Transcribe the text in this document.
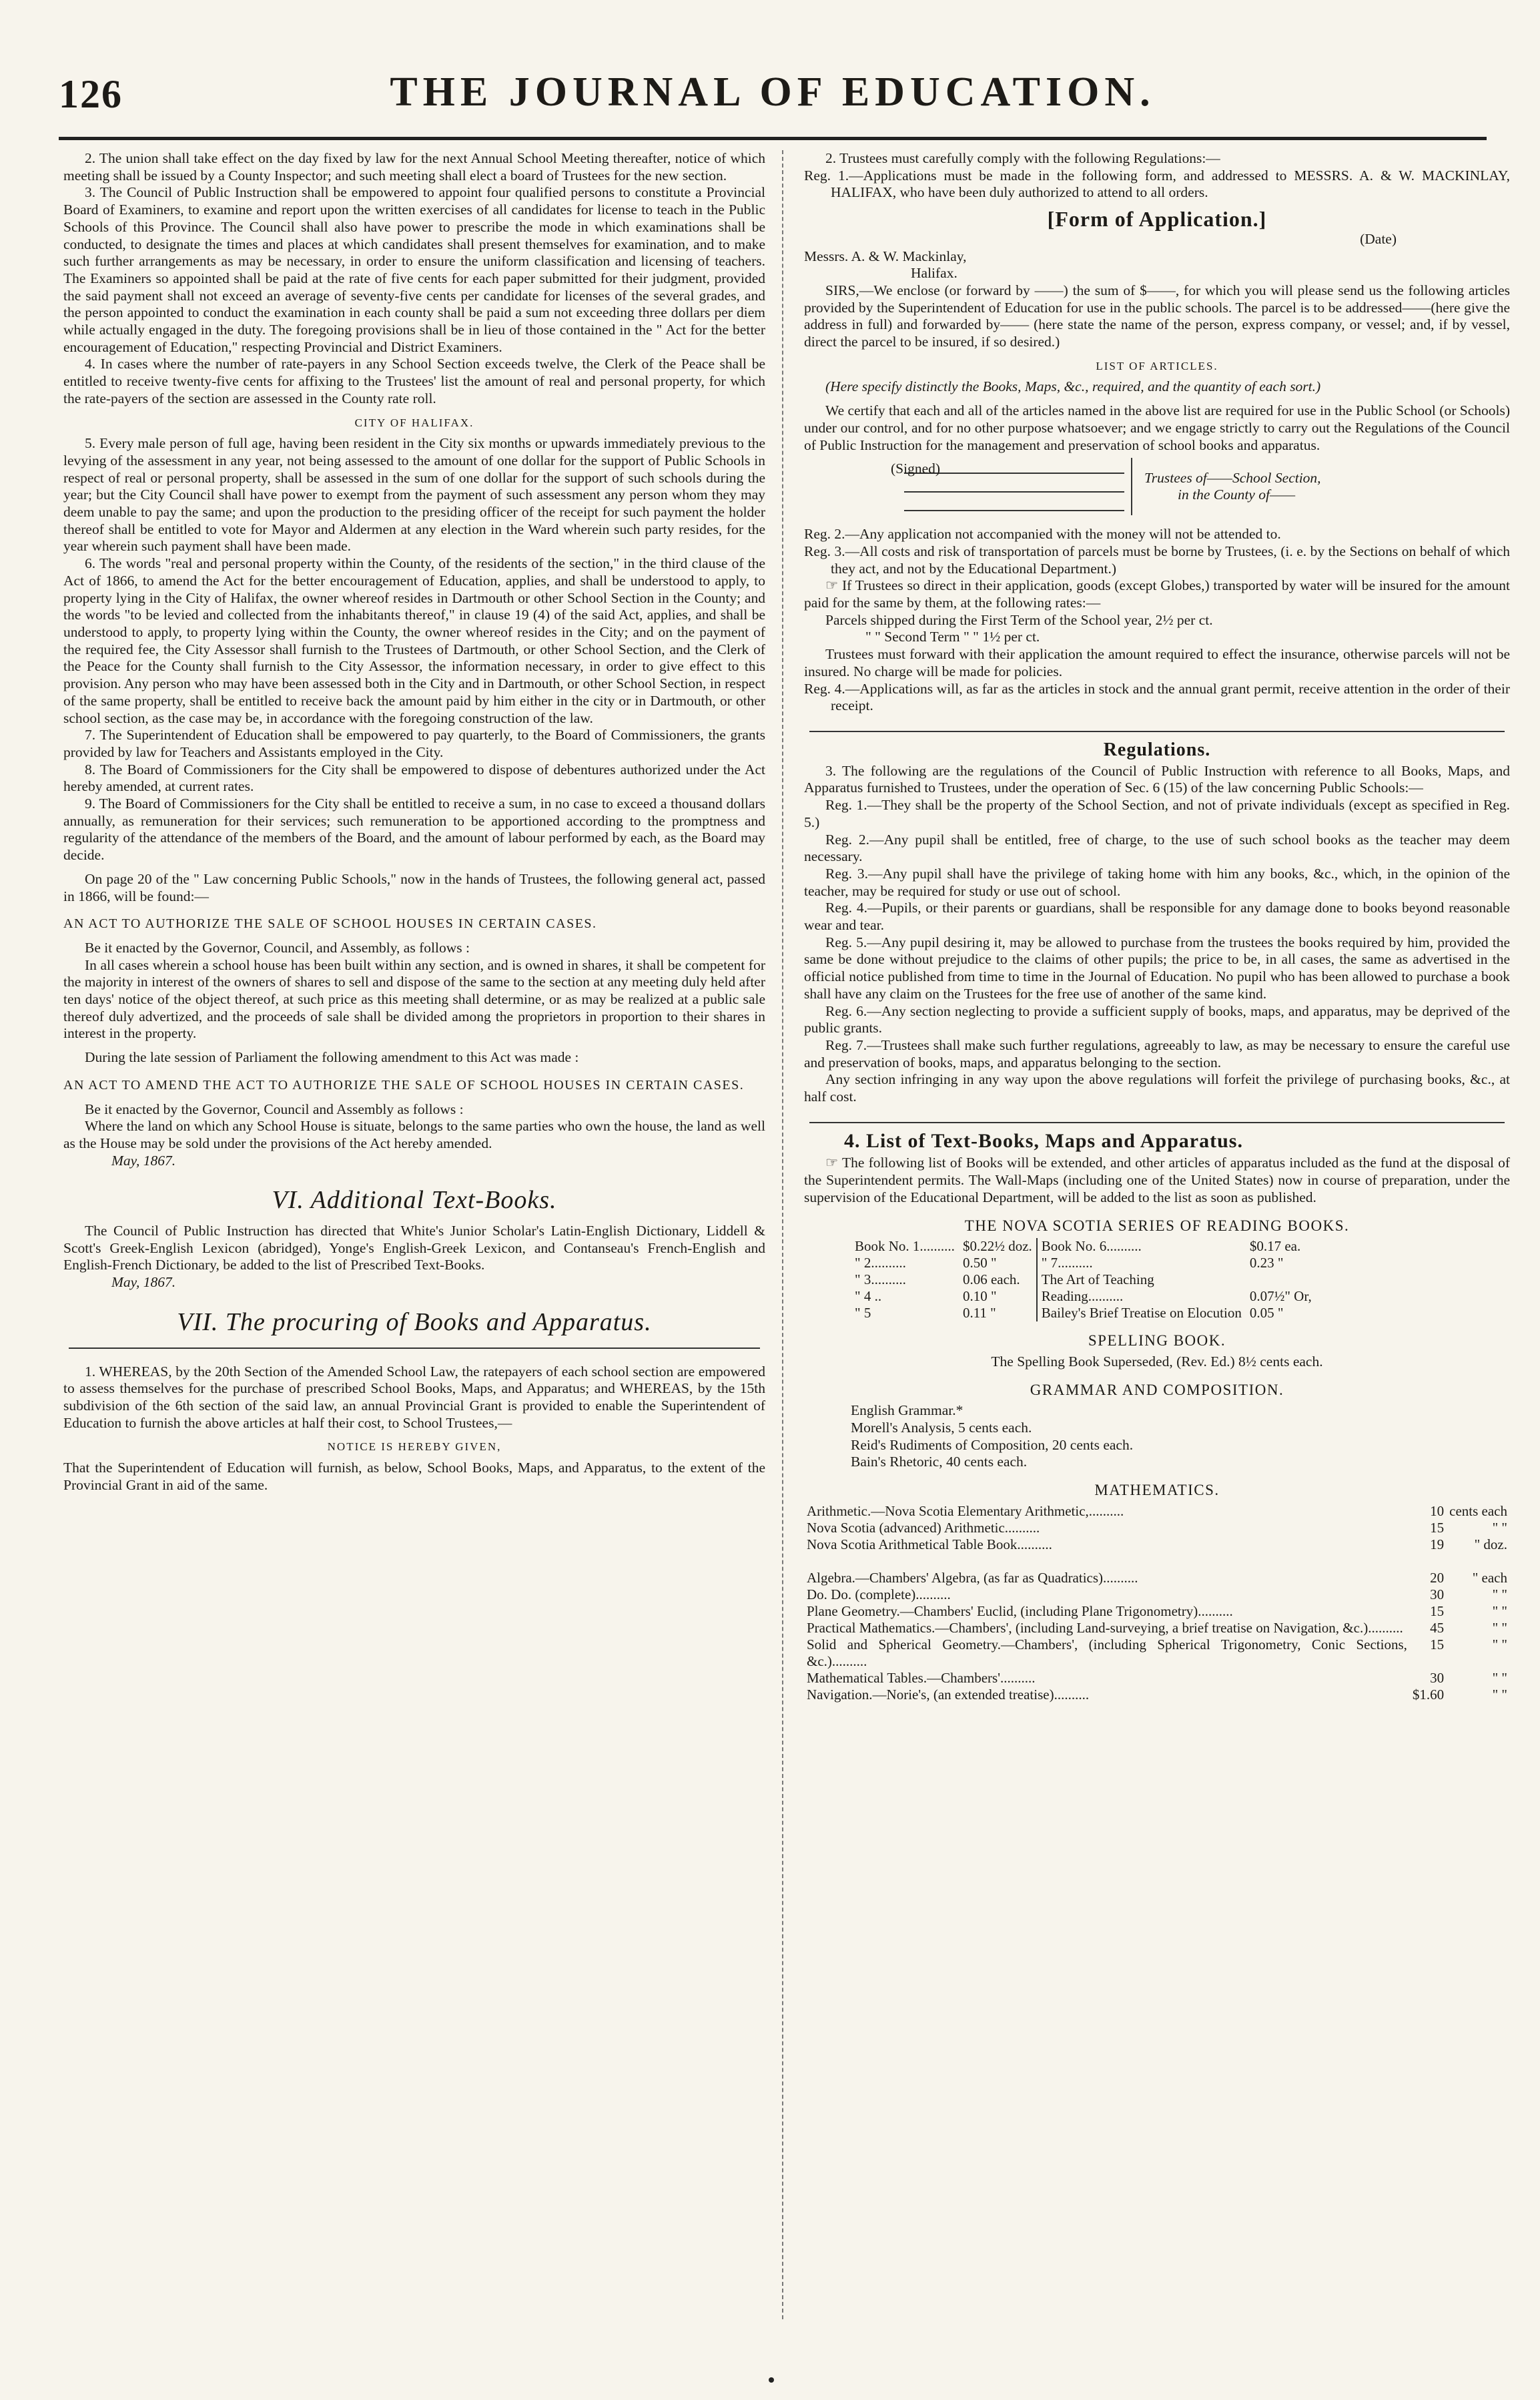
126	THE JOURNAL OF EDUCATION.

2. The union shall take effect on the day fixed by law for the next Annual School Meeting thereafter, notice of which meeting shall be issued by a County Inspector; and such meeting shall elect a board of Trustees for the new section.

3. The Council of Public Instruction shall be empowered to appoint four qualified persons to constitute a Provincial Board of Examiners, to examine and report upon the written exercises of all candidates for license to teach in the Public Schools of this Province. The Council shall also have power to prescribe the mode in which examinations shall be conducted, to designate the times and places at which candidates shall present themselves for examination, and to make such further arrangements as may be necessary, in order to ensure the uniform classification and licensing of teachers. The Examiners so appointed shall be paid at the rate of five cents for each paper submitted for their judgment, provided the said payment shall not exceed an average of seventy-five cents per candidate for licenses of the several grades, and the person appointed to conduct the examination in each county shall be paid a sum not exceeding three dollars per diem while actually engaged in the duty. The foregoing provisions shall be in lieu of those contained in the " Act for the better encouragement of Education," respecting Provincial and District Examiners.

4. In cases where the number of rate-payers in any School Section exceeds twelve, the Clerk of the Peace shall be entitled to receive twenty-five cents for affixing to the Trustees' list the amount of real and personal property, for which the rate-payers of the section are assessed in the County rate roll.

CITY OF HALIFAX.

5. Every male person of full age, having been resident in the City six months or upwards immediately previous to the levying of the assessment in any year, not being assessed to the amount of one dollar for the support of Public Schools in respect of real or personal property, shall be assessed in the sum of one dollar for the support of such schools during the year; but the City Council shall have power to exempt from the payment of such assessment any person whom they may deem unable to pay the same; and upon the production to the presiding officer of the receipt for such payment the holder thereof shall be entitled to vote for Mayor and Aldermen at any election in the Ward wherein such party resides, for the year wherein such payment shall have been made.

6. The words "real and personal property within the County, of the residents of the section," in the third clause of the Act of 1866, to amend the Act for the better encouragement of Education, applies, and shall be understood to apply, to property lying in the City of Halifax, the owner whereof resides in Dartmouth or other School Section in the County; and the words "to be levied and collected from the inhabitants thereof," in clause 19 (4) of the said Act, applies, and shall be understood to apply, to property lying within the County, the owner whereof resides in the City; and on the payment of the required fee, the City Assessor shall furnish to the Trustees of Dartmouth, or other School Section, and the Clerk of the Peace for the County shall furnish to the City Assessor, the information necessary, in order to give effect to this provision. Any person who may have been assessed both in the City and in Dartmouth, or other School Section, in respect of the same property, shall be entitled to receive back the amount paid by him either in the city or in Dartmouth, or other school section, as the case may be, in accordance with the foregoing construction of the law.

7. The Superintendent of Education shall be empowered to pay quarterly, to the Board of Commissioners, the grants provided by law for Teachers and Assistants employed in the City.

8. The Board of Commissioners for the City shall be empowered to dispose of debentures authorized under the Act hereby amended, at current rates.

9. The Board of Commissioners for the City shall be entitled to receive a sum, in no case to exceed a thousand dollars annually, as remuneration for their services; such remuneration to be apportioned according to the promptness and regularity of the attendance of the members of the Board, and the amount of labour performed by each, as the Board may decide.

On page 20 of the " Law concerning Public Schools," now in the hands of Trustees, the following general act, passed in 1866, will be found:—

AN ACT TO AUTHORIZE THE SALE OF SCHOOL HOUSES IN CERTAIN CASES.

Be it enacted by the Governor, Council, and Assembly, as follows :

In all cases wherein a school house has been built within any section, and is owned in shares, it shall be competent for the majority in interest of the owners of shares to sell and dispose of the same to the section at any meeting duly held after ten days' notice of the object thereof, at such price as this meeting shall determine, or as may be realized at a public sale thereof duly advertized, and the proceeds of sale shall be divided among the proprietors in proportion to their shares in interest in the property.

During the late session of Parliament the following amendment to this Act was made :

AN ACT TO AMEND THE ACT TO AUTHORIZE THE SALE OF SCHOOL HOUSES IN CERTAIN CASES.

Be it enacted by the Governor, Council and Assembly as follows :

Where the land on which any School House is situate, belongs to the same parties who own the house, the land as well as the House may be sold under the provisions of the Act hereby amended.

May, 1867.

VI. Additional Text-Books.

The Council of Public Instruction has directed that White's Junior Scholar's Latin-English Dictionary, Liddell & Scott's Greek-English Lexicon (abridged), Yonge's English-Greek Lexicon, and Contanseau's French-English and English-French Dictionary, be added to the list of Prescribed Text-Books.

May, 1867.

VII. The procuring of Books and Apparatus.

1. WHEREAS, by the 20th Section of the Amended School Law, the ratepayers of each school section are empowered to assess themselves for the purchase of prescribed School Books, Maps, and Apparatus; and WHEREAS, by the 15th subdivision of the 6th section of the said law, an annual Provincial Grant is provided to enable the Superintendent of Education to furnish the above articles at half their cost, to School Trustees,—

NOTICE IS HEREBY GIVEN,

That the Superintendent of Education will furnish, as below, School Books, Maps, and Apparatus, to the extent of the Provincial Grant in aid of the same.

2. Trustees must carefully comply with the following Regulations:—

Reg. 1.—Applications must be made in the following form, and addressed to MESSRS. A. & W. MACKINLAY, HALIFAX, who have been duly authorized to attend to all orders.

[Form of Application.]
(Date)

Messrs. A. & W. Mackinlay,

Halifax.

SIRS,—We enclose (or forward by ——) the sum of $——, for which you will please send us the following articles provided by the Superintendent of Education for use in the public schools. The parcel is to be addressed——(here give the address in full) and forwarded by—— (here state the name of the person, express company, or vessel; and, if by vessel, direct the parcel to be insured, if so desired.)

LIST OF ARTICLES.

(Here specify distinctly the Books, Maps, &c., required, and the quantity of each sort.)

We certify that each and all of the articles named in the above list are required for use in the Public School (or Schools) under our control, and for no other purpose whatsoever; and we engage strictly to carry out the Regulations of the Council of Public Instruction for the management and preservation of school books and apparatus.

(Signed)
Trustees of——School Section,
in the County of——

Reg. 2.—Any application not accompanied with the money will not be attended to.

Reg. 3.—All costs and risk of transportation of parcels must be borne by Trustees, (i. e. by the Sections on behalf of which they act, and not by the Educational Department.)

☞ If Trustees so direct in their application, goods (except Globes,) transported by water will be insured for the amount paid for the same by them, at the following rates:—

Parcels shipped during the First Term of the School year, 2½ per ct.

" " Second Term " " 1½ per ct.

Trustees must forward with their application the amount required to effect the insurance, otherwise parcels will not be insured. No charge will be made for policies.

Reg. 4.—Applications will, as far as the articles in stock and the annual grant permit, receive attention in the order of their receipt.

Regulations.

3. The following are the regulations of the Council of Public Instruction with reference to all Books, Maps, and Apparatus furnished to Trustees, under the operation of Sec. 6 (15) of the law concerning Public Schools:—

Reg. 1.—They shall be the property of the School Section, and not of private individuals (except as specified in Reg. 5.)

Reg. 2.—Any pupil shall be entitled, free of charge, to the use of such school books as the teacher may deem necessary.

Reg. 3.—Any pupil shall have the privilege of taking home with him any books, &c., which, in the opinion of the teacher, may be required for study or use out of school.

Reg. 4.—Pupils, or their parents or guardians, shall be responsible for any damage done to books beyond reasonable wear and tear.

Reg. 5.—Any pupil desiring it, may be allowed to purchase from the trustees the books required by him, provided the same be done without prejudice to the claims of other pupils; the price to be, in all cases, the same as advertised in the official notice published from time to time in the Journal of Education. No pupil who has been allowed to purchase a book shall have any claim on the Trustees for the free use of another of the same kind.

Reg. 6.—Any section neglecting to provide a sufficient supply of books, maps, and apparatus, may be deprived of the public grants.

Reg. 7.—Trustees shall make such further regulations, agreeably to law, as may be necessary to ensure the careful use and preservation of books, maps, and apparatus belonging to the section.

Any section infringing in any way upon the above regulations will forfeit the privilege of purchasing books, &c., at half cost.

4. List of Text-Books, Maps and Apparatus.

☞ The following list of Books will be extended, and other articles of apparatus included as the fund at the disposal of the Superintendent permits. The Wall-Maps (including one of the United States) now in course of preparation, under the supervision of the Educational Department, will be added to the list as soon as published.

THE NOVA SCOTIA SERIES OF READING BOOKS.
Book No. 1..........	$0.22½ doz.	Book No. 6..........	$0.17 ea.
" 2..........	0.50 "	" 7..........	0.23 "
" 3..........	0.06 each.	The Art of Teaching	
" 4 ..	0.10 "	Reading..........	0.07½" Or,
" 5	0.11 "	Bailey's Brief Treatise on Elocution	0.05 "
SPELLING BOOK.

The Spelling Book Superseded, (Rev. Ed.) 8½ cents each.

GRAMMAR AND COMPOSITION.
English Grammar.*
Morell's Analysis, 5 cents each.
Reid's Rudiments of Composition, 20 cents each.
Bain's Rhetoric, 40 cents each.
MATHEMATICS.
Arithmetic.—Nova Scotia Elementary Arithmetic,..........	10	cents each
Nova Scotia (advanced) Arithmetic..........	15	" "
Nova Scotia Arithmetical Table Book..........	19	" doz.

Algebra.—Chambers' Algebra, (as far as Quadratics)..........	20	" each
Do. Do. (complete)..........	30	" "
Plane Geometry.—Chambers' Euclid, (including Plane Trigonometry)..........	15	" "
Practical Mathematics.—Chambers', (including Land-surveying, a brief treatise on Navigation, &c.)..........	45	" "
Solid and Spherical Geometry.—Chambers', (including Spherical Trigonometry, Conic Sections, &c.)..........	15	" "
Mathematical Tables.—Chambers'..........	30	" "
Navigation.—Norie's, (an extended treatise)..........	$1.60	" "
